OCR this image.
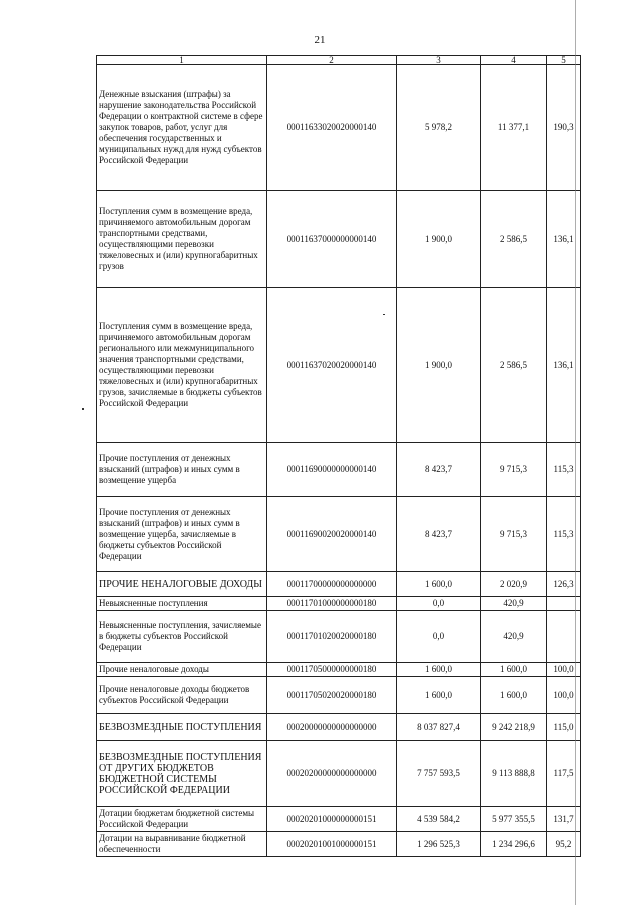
21
1	2	3	4	5
Денежные взыскания (штрафы) за нарушение законодательства Российской Федерации о контрактной системе в сфере закупок товаров, работ, услуг для обеспечения государственных и муниципальных нужд для нужд субъектов Российской Федерации	00011633020020000140	5 978,2	11 377,1	190,3
Поступления сумм в возмещение вреда, причиняемого автомобильным дорогам транспортными средствами, осуществляющими перевозки тяжеловесных и (или) крупногабаритных грузов	00011637000000000140	1 900,0	2 586,5	136,1
Поступления сумм в возмещение вреда, причиняемого автомобильным дорогам регионального или межмуниципального значения транспортными средствами, осуществляющими перевозки тяжеловесных и (или) крупногабаритных грузов, зачисляемые в бюджеты субъектов Российской Федерации	00011637020020000140	1 900,0	2 586,5	136,1
Прочие поступления от денежных взысканий (штрафов) и иных сумм в возмещение ущерба	00011690000000000140	8 423,7	9 715,3	115,3
Прочие поступления от денежных взысканий (штрафов) и иных сумм в возмещение ущерба, зачисляемые в бюджеты субъектов Российской Федерации	00011690020020000140	8 423,7	9 715,3	115,3
ПРОЧИЕ НЕНАЛОГОВЫЕ ДОХОДЫ	00011700000000000000	1 600,0	2 020,9	126,3
Невыясненные поступления	00011701000000000180	0,0	420,9	
Невыясненные поступления, зачисляемые в бюджеты субъектов Российской Федерации	00011701020020000180	0,0	420,9	
Прочие неналоговые доходы	00011705000000000180	1 600,0	1 600,0	100,0
Прочие неналоговые доходы бюджетов субъектов Российской Федерации	00011705020020000180	1 600,0	1 600,0	100,0
БЕЗВОЗМЕЗДНЫЕ ПОСТУПЛЕНИЯ	00020000000000000000	8 037 827,4	9 242 218,9	115,0
БЕЗВОЗМЕЗДНЫЕ ПОСТУПЛЕНИЯ ОТ ДРУГИХ БЮДЖЕТОВ БЮДЖЕТНОЙ СИСТЕМЫ РОССИЙСКОЙ ФЕДЕРАЦИИ	00020200000000000000	7 757 593,5	9 113 888,8	117,5
Дотации бюджетам бюджетной системы Российской Федерации	00020201000000000151	4 539 584,2	5 977 355,5	131,7
Дотации на выравнивание бюджетной обеспеченности	00020201001000000151	1 296 525,3	1 234 296,6	95,2
